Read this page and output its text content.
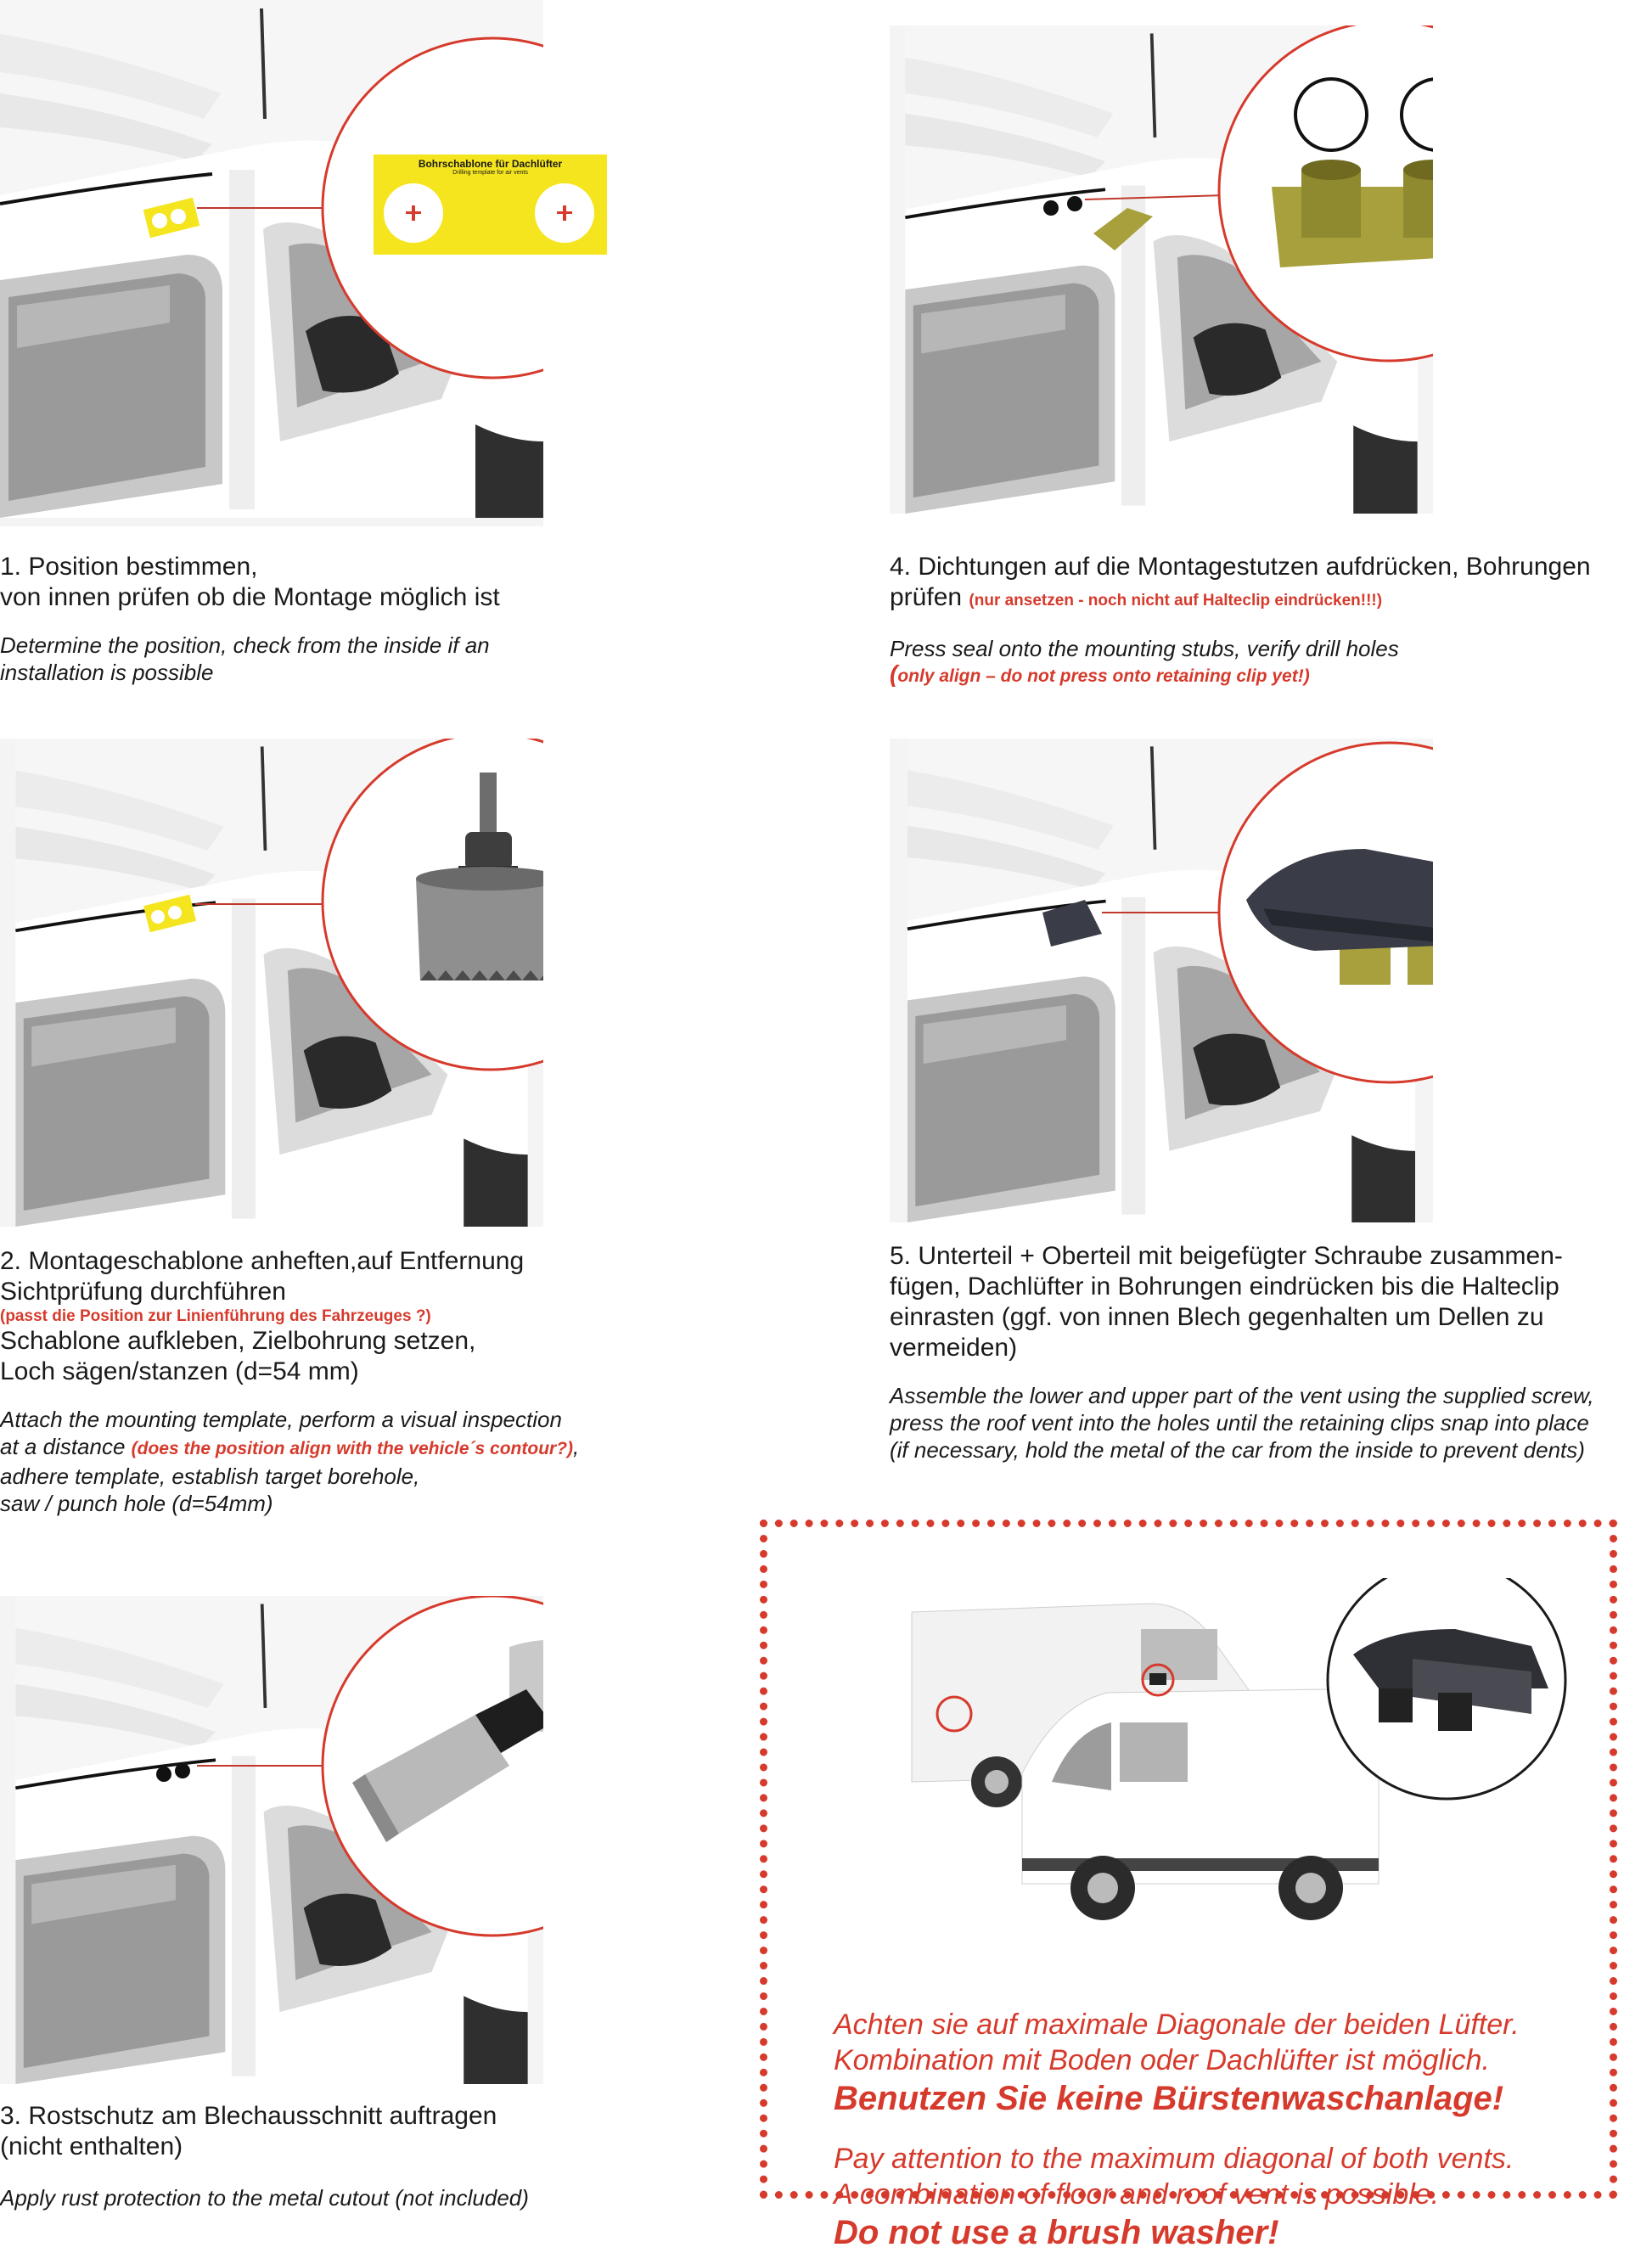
Bohrschablone für Dachlüfter
Drilling template for air vents
1. Position bestimmen,
von innen prüfen ob die Montage möglich ist
Determine the position, check from the inside if an
installation is possible
2. Montageschablone anheften,auf Entfernung
Sichtprüfung durchführen
(passt die Position zur Linienführung des Fahrzeuges ?)
Schablone aufkleben, Zielbohrung setzen,
Loch sägen/stanzen (d=54 mm)
Attach the mounting template, perform a visual inspection
at a distance (does the position align with the vehicle´s contour?),
adhere template, establish target borehole,
saw / punch hole (d=54mm)
3. Rostschutz am Blechausschnitt auftragen
(nicht enthalten)
Apply rust protection to the metal cutout (not included)
4. Dichtungen auf die Montagestutzen aufdrücken, Bohrungen
prüfen (nur ansetzen - noch nicht auf Halteclip eindrücken!!!)
Press seal onto the mounting stubs, verify drill holes
(only align – do not press onto retaining clip yet!)
5. Unterteil + Oberteil mit beigefügter Schraube zusammen-
fügen, Dachlüfter in Bohrungen eindrücken bis die Halteclip
einrasten (ggf. von innen Blech gegenhalten um Dellen zu
vermeiden)
Assemble the lower and upper part of the vent using the supplied screw,
press the roof vent into the holes until the retaining clips snap into place
(if necessary, hold the metal of the car from the inside to prevent dents)
Achten sie auf maximale Diagonale der beiden Lüfter.
Kombination mit Boden oder Dachlüfter ist möglich.
Benutzen Sie keine Bürstenwaschanlage!
Pay attention to the maximum diagonal of both vents.
A combination of floor and roof vent is possible.
Do not use a brush washer!
